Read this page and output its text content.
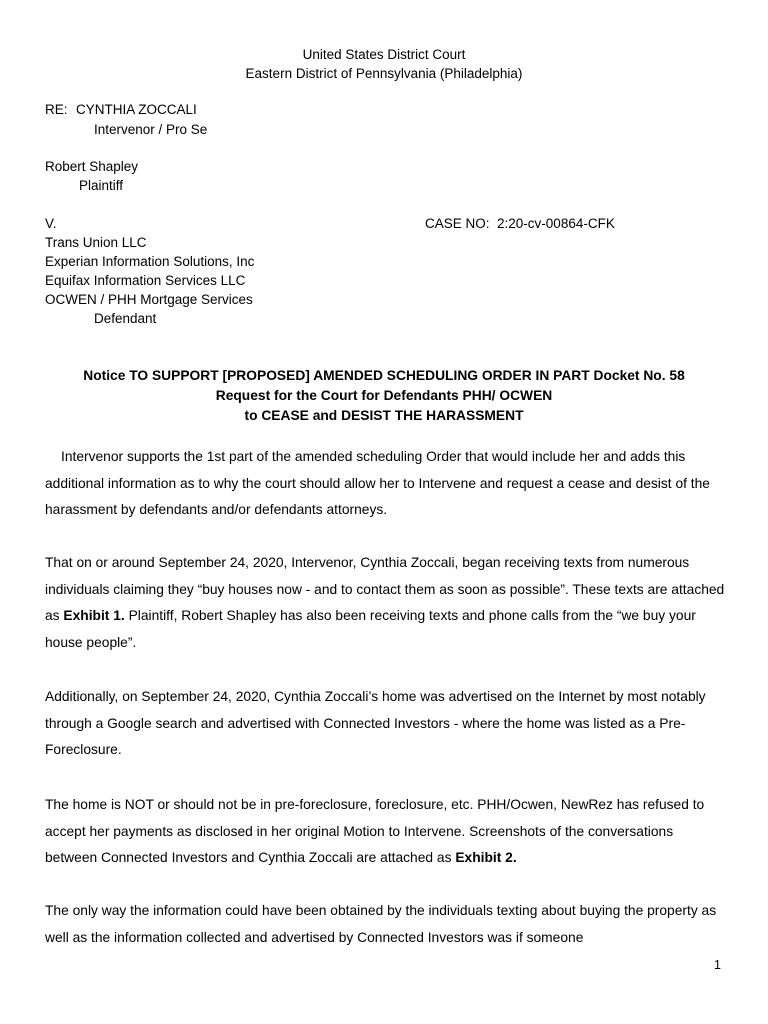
United States District Court
Eastern District of Pennsylvania (Philadelphia)
RE: CYNTHIA ZOCCALI
Intervenor / Pro Se
Robert Shapley
Plaintiff
V.	CASE NO: 2:20-cv-00864-CFK
Trans Union LLC
Experian Information Solutions, Inc
Equifax Information Services LLC
OCWEN / PHH Mortgage Services
Defendant
Notice TO SUPPORT [PROPOSED] AMENDED SCHEDULING ORDER IN PART Docket No. 58
Request for the Court for Defendants PHH/ OCWEN
to CEASE and DESIST THE HARASSMENT
Intervenor supports the 1st part of the amended scheduling Order that would include her and adds this additional information as to why the court should allow her to Intervene and request a cease and desist of the harassment by defendants and/or defendants attorneys.
That on or around September 24, 2020, Intervenor, Cynthia Zoccali, began receiving texts from numerous individuals claiming they “buy houses now - and to contact them as soon as possible”. These texts are attached as Exhibit 1. Plaintiff, Robert Shapley has also been receiving texts and phone calls from the “we buy your house people”.
Additionally, on September 24, 2020, Cynthia Zoccali’s home was advertised on the Internet by most notably through a Google search and advertised with Connected Investors - where the home was listed as a Pre-Foreclosure.
The home is NOT or should not be in pre-foreclosure, foreclosure, etc. PHH/Ocwen, NewRez has refused to accept her payments as disclosed in her original Motion to Intervene. Screenshots of the conversations between Connected Investors and Cynthia Zoccali are attached as Exhibit 2.
The only way the information could have been obtained by the individuals texting about buying the property as well as the information collected and advertised by Connected Investors was if someone
1
